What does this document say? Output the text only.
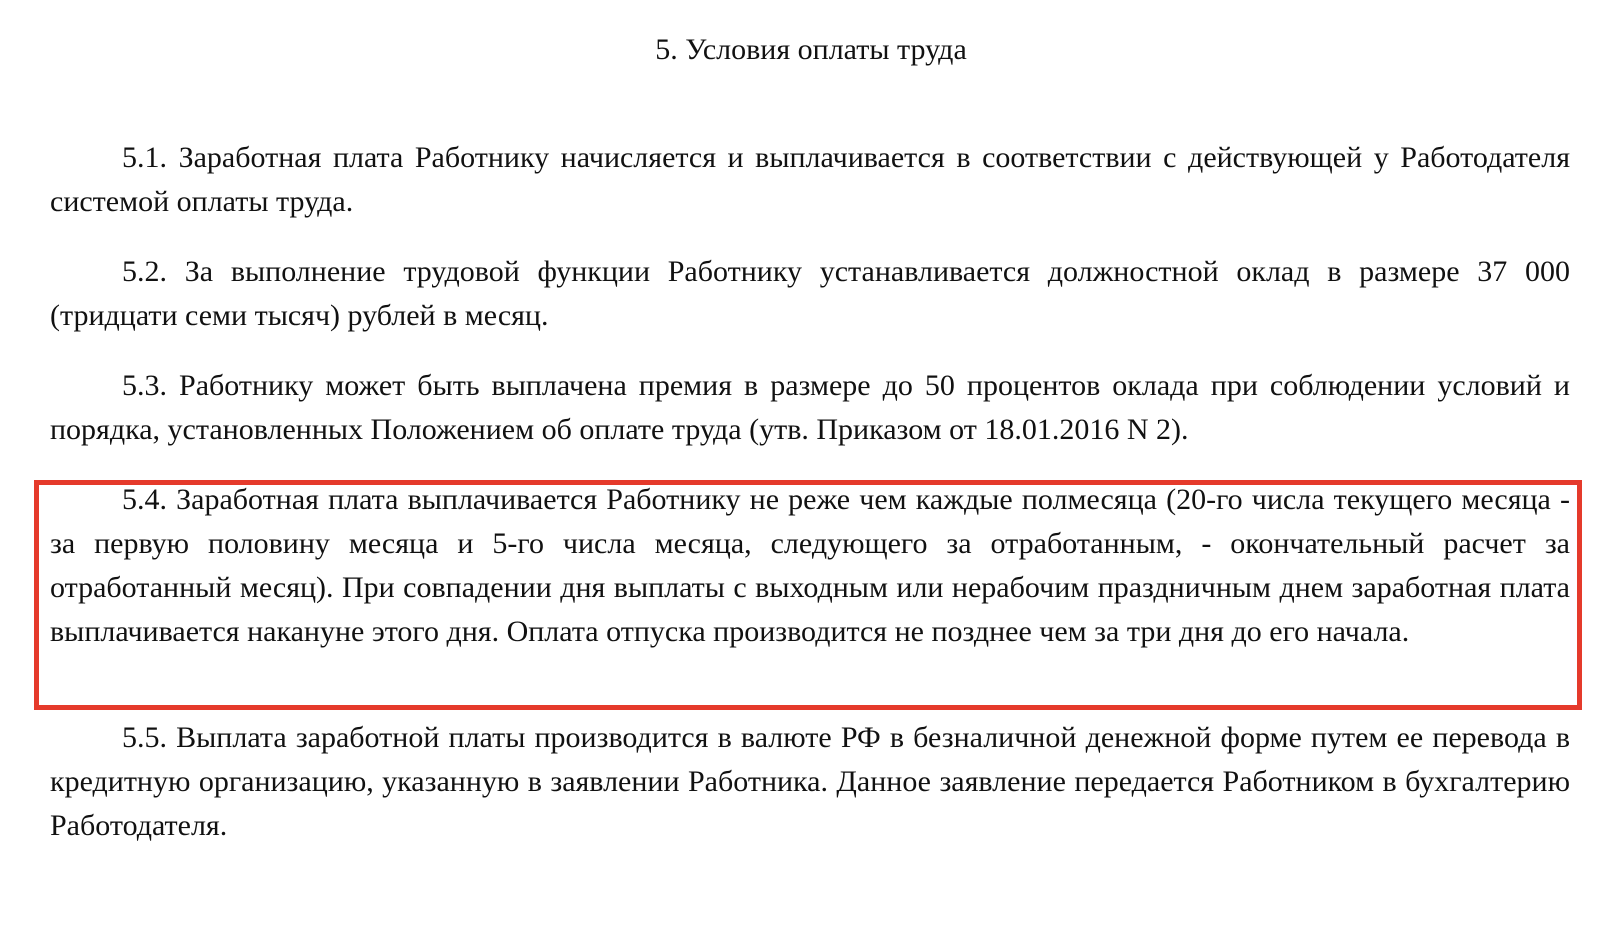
5. Условия оплаты труда

5.1. Заработная плата Работнику начисляется и выплачивается в соответствии с действующей у Работодателя системой оплаты труда.

5.2. За выполнение трудовой функции Работнику устанавливается должностной оклад в размере 37 000 (тридцати семи тысяч) рублей в месяц.

5.3. Работнику может быть выплачена премия в размере до 50 процентов оклада при соблюдении условий и порядка, установленных Положением об оплате труда (утв. Приказом от 18.01.2016 N 2).

5.4. Заработная плата выплачивается Работнику не реже чем каждые полмесяца (20-го числа текущего месяца - за первую половину месяца и 5-го числа месяца, следующего за отработанным, - окончательный расчет за отработанный месяц). При совпадении дня выплаты с выходным или нерабочим праздничным днем заработная плата выплачивается накануне этого дня. Оплата отпуска производится не позднее чем за три дня до его начала.

5.5. Выплата заработной платы производится в валюте РФ в безналичной денежной форме путем ее перевода в кредитную организацию, указанную в заявлении Работника. Данное заявление передается Работником в бухгалтерию Работодателя.
